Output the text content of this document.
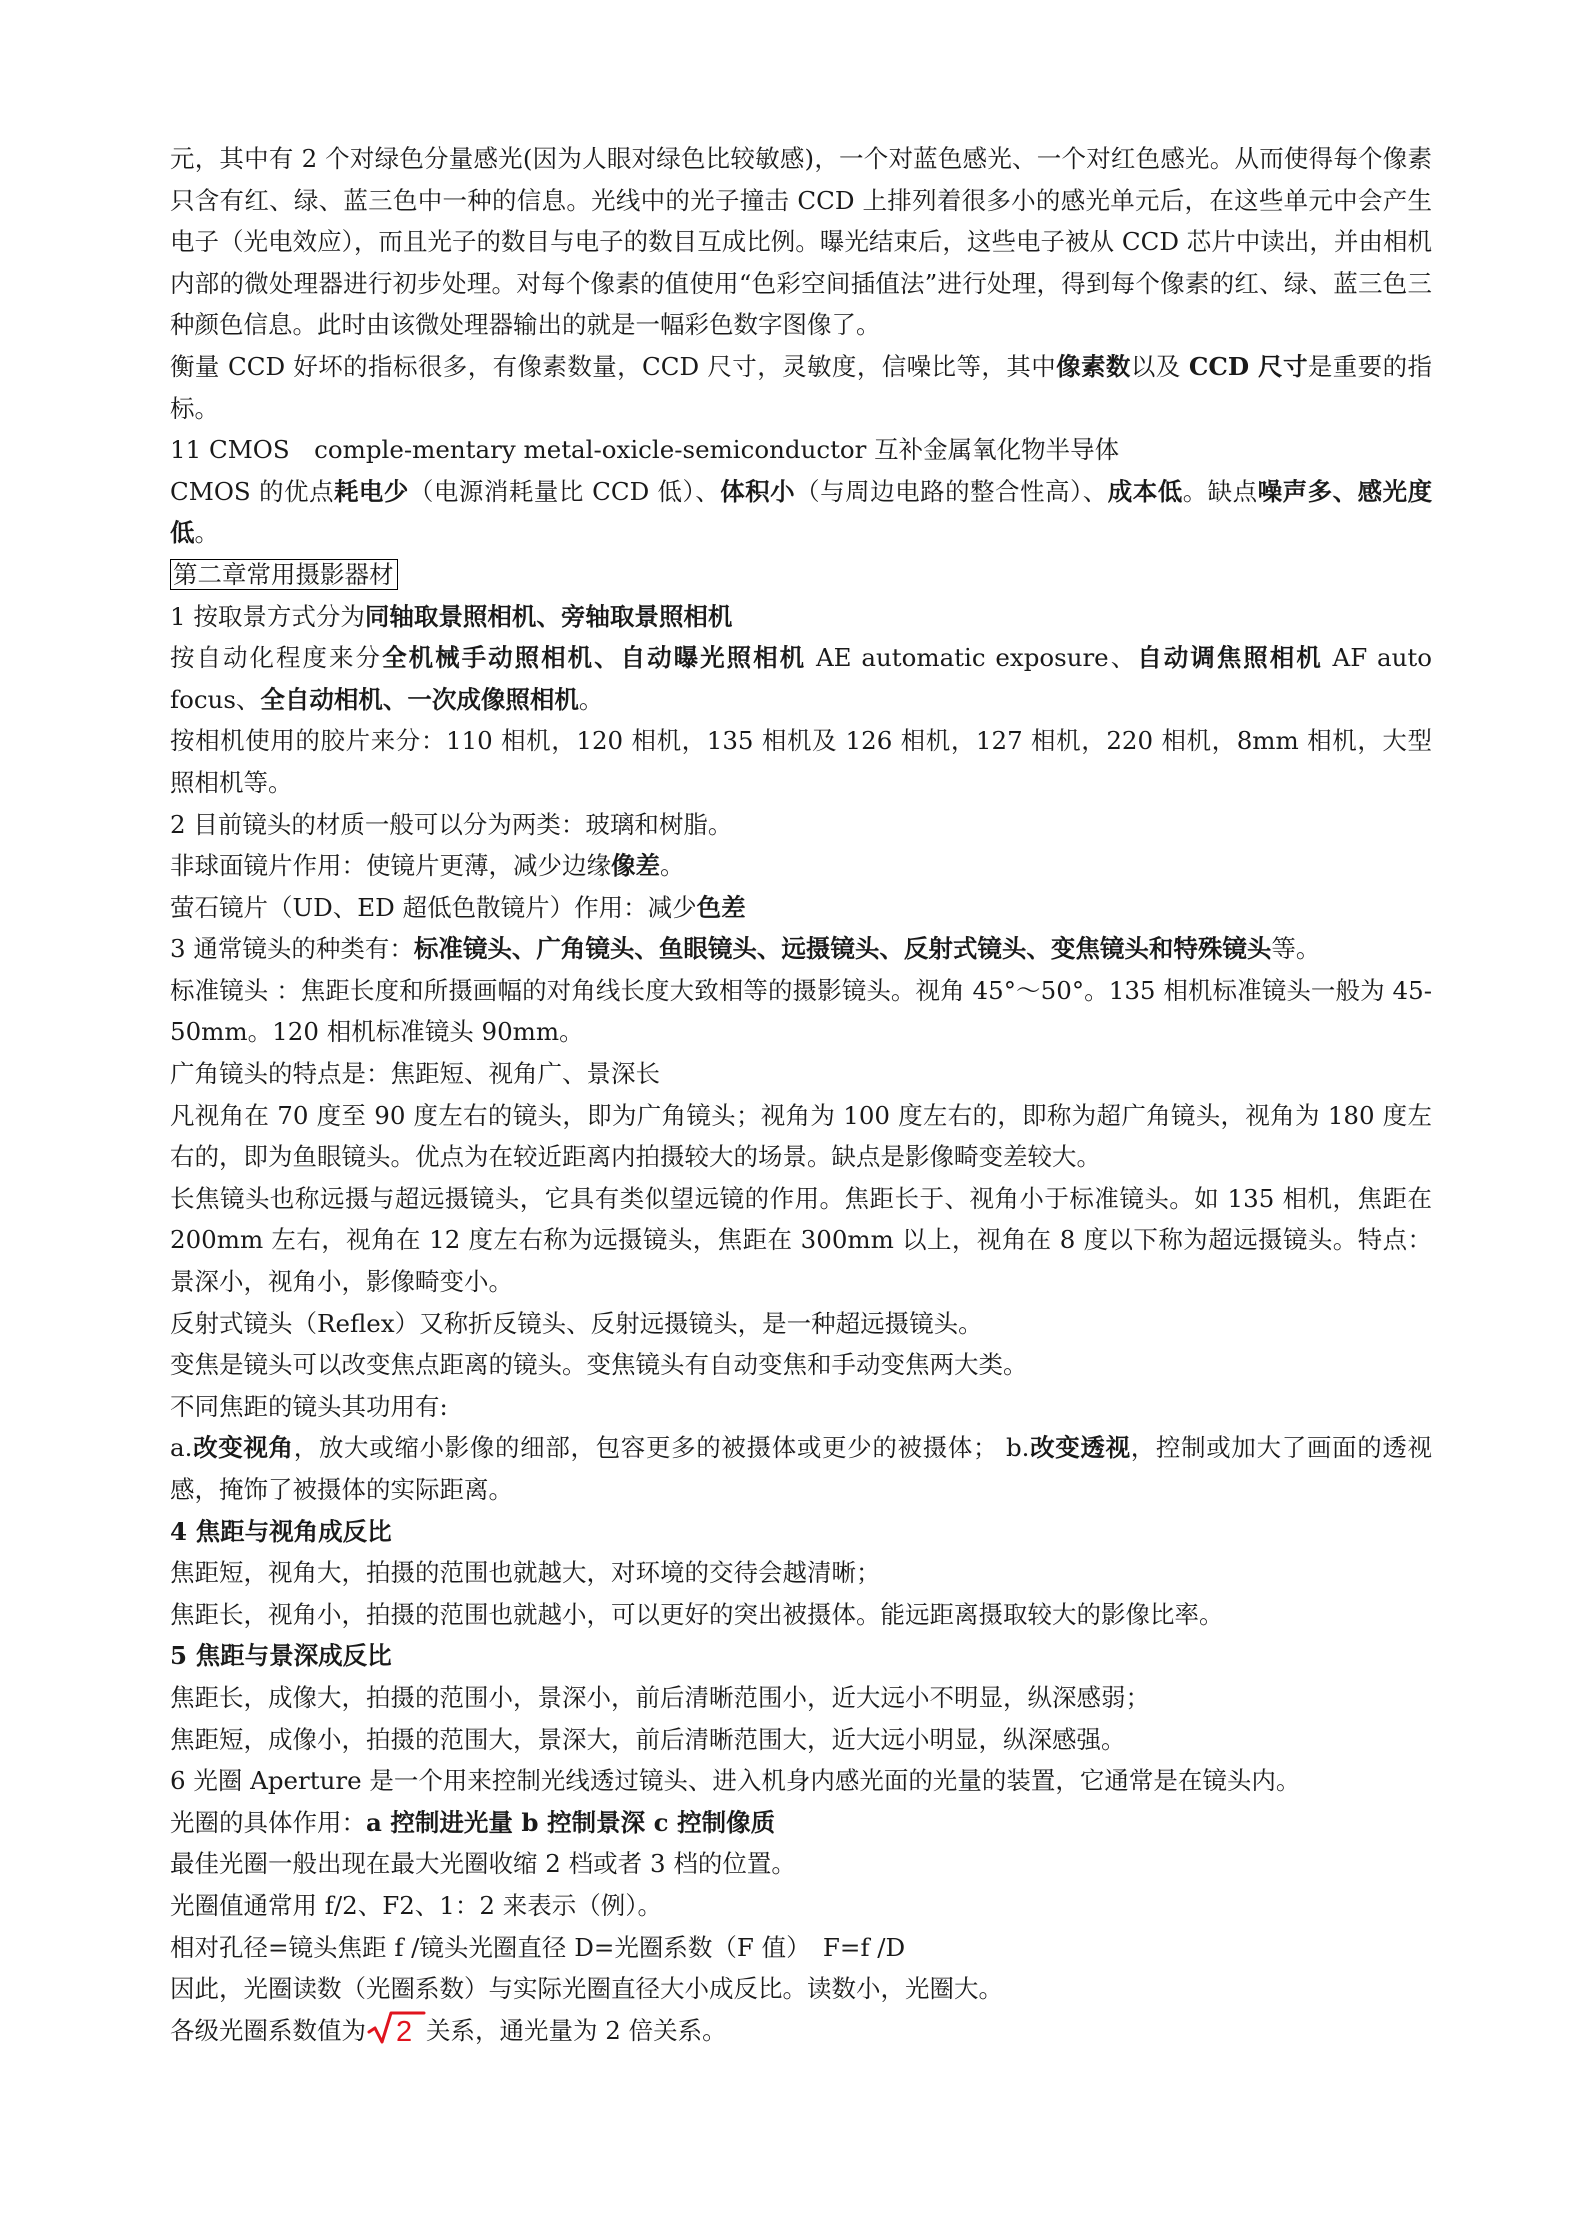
元，其中有 2 个对绿色分量感光(因为人眼对绿色比较敏感)，一个对蓝色感光、一个对红色感光。从而使得每个像素只含有红、绿、蓝三色中一种的信息。光线中的光子撞击 CCD 上排列着很多小的感光单元后，在这些单元中会产生电子（光电效应），而且光子的数目与电子的数目互成比例。曝光结束后，这些电子被从 CCD 芯片中读出，并由相机内部的微处理器进行初步处理。对每个像素的值使用“色彩空间插值法”进行处理，得到每个像素的红、绿、蓝三色三种颜色信息。此时由该微处理器输出的就是一幅彩色数字图像了。

衡量 CCD 好坏的指标很多，有像素数量，CCD 尺寸，灵敏度，信噪比等，其中像素数以及 CCD 尺寸是重要的指标。

11 CMOS　comple-mentary metal-oxicle-semiconductor 互补金属氧化物半导体

CMOS 的优点耗电少（电源消耗量比 CCD 低）、体积小（与周边电路的整合性高）、成本低。缺点噪声多、感光度低。

第二章常用摄影器材

1 按取景方式分为同轴取景照相机、旁轴取景照相机

按自动化程度来分全机械手动照相机、自动曝光照相机 AE automatic exposure、自动调焦照相机 AF auto focus、全自动相机、一次成像照相机。

按相机使用的胶片来分：110 相机，120 相机，135 相机及 126 相机，127 相机，220 相机，8mm 相机，大型照相机等。

2 目前镜头的材质一般可以分为两类：玻璃和树脂。

非球面镜片作用：使镜片更薄，减少边缘像差。

萤石镜片（UD、ED 超低色散镜片）作用：减少色差

3 通常镜头的种类有：标准镜头、广角镜头、鱼眼镜头、远摄镜头、反射式镜头、变焦镜头和特殊镜头等。

标准镜头 ：焦距长度和所摄画幅的对角线长度大致相等的摄影镜头。视角 45°～50°。135 相机标准镜头一般为 45-50mm。120 相机标准镜头 90mm。

广角镜头的特点是：焦距短、视角广、景深长

凡视角在 70 度至 90 度左右的镜头，即为广角镜头；视角为 100 度左右的，即称为超广角镜头，视角为 180 度左右的，即为鱼眼镜头。优点为在较近距离内拍摄较大的场景。缺点是影像畸变差较大。

长焦镜头也称远摄与超远摄镜头，它具有类似望远镜的作用。焦距长于、视角小于标准镜头。如 135 相机，焦距在 200mm 左右，视角在 12 度左右称为远摄镜头，焦距在 300mm 以上，视角在 8 度以下称为超远摄镜头。特点：景深小，视角小，影像畸变小。

反射式镜头（Reflex）又称折反镜头、反射远摄镜头，是一种超远摄镜头。

变焦是镜头可以改变焦点距离的镜头。变焦镜头有自动变焦和手动变焦两大类。

不同焦距的镜头其功用有:

a.改变视角，放大或缩小影像的细部，包容更多的被摄体或更少的被摄体； b.改变透视，控制或加大了画面的透视感，掩饰了被摄体的实际距离。

4 焦距与视角成反比

焦距短，视角大，拍摄的范围也就越大，对环境的交待会越清晰；

焦距长，视角小，拍摄的范围也就越小，可以更好的突出被摄体。能远距离摄取较大的影像比率。

5 焦距与景深成反比

焦距长，成像大，拍摄的范围小，景深小，前后清晰范围小，近大远小不明显，纵深感弱；

焦距短，成像小，拍摄的范围大，景深大，前后清晰范围大，近大远小明显，纵深感强。

6 光圈 Aperture 是一个用来控制光线透过镜头、进入机身内感光面的光量的装置，它通常是在镜头内。

光圈的具体作用：a 控制进光量 b 控制景深 c 控制像质

最佳光圈一般出现在最大光圈收缩 2 档或者 3 档的位置。

光圈值通常用 f/2、F2、1：2 来表示（例）。

相对孔径=镜头焦距 f /镜头光圈直径 D=光圈系数（F 值）　F=f /D

因此，光圈读数（光圈系数）与实际光圈直径大小成反比。读数小，光圈大。

各级光圈系数值为 2 关系，通光量为 2 倍关系。
